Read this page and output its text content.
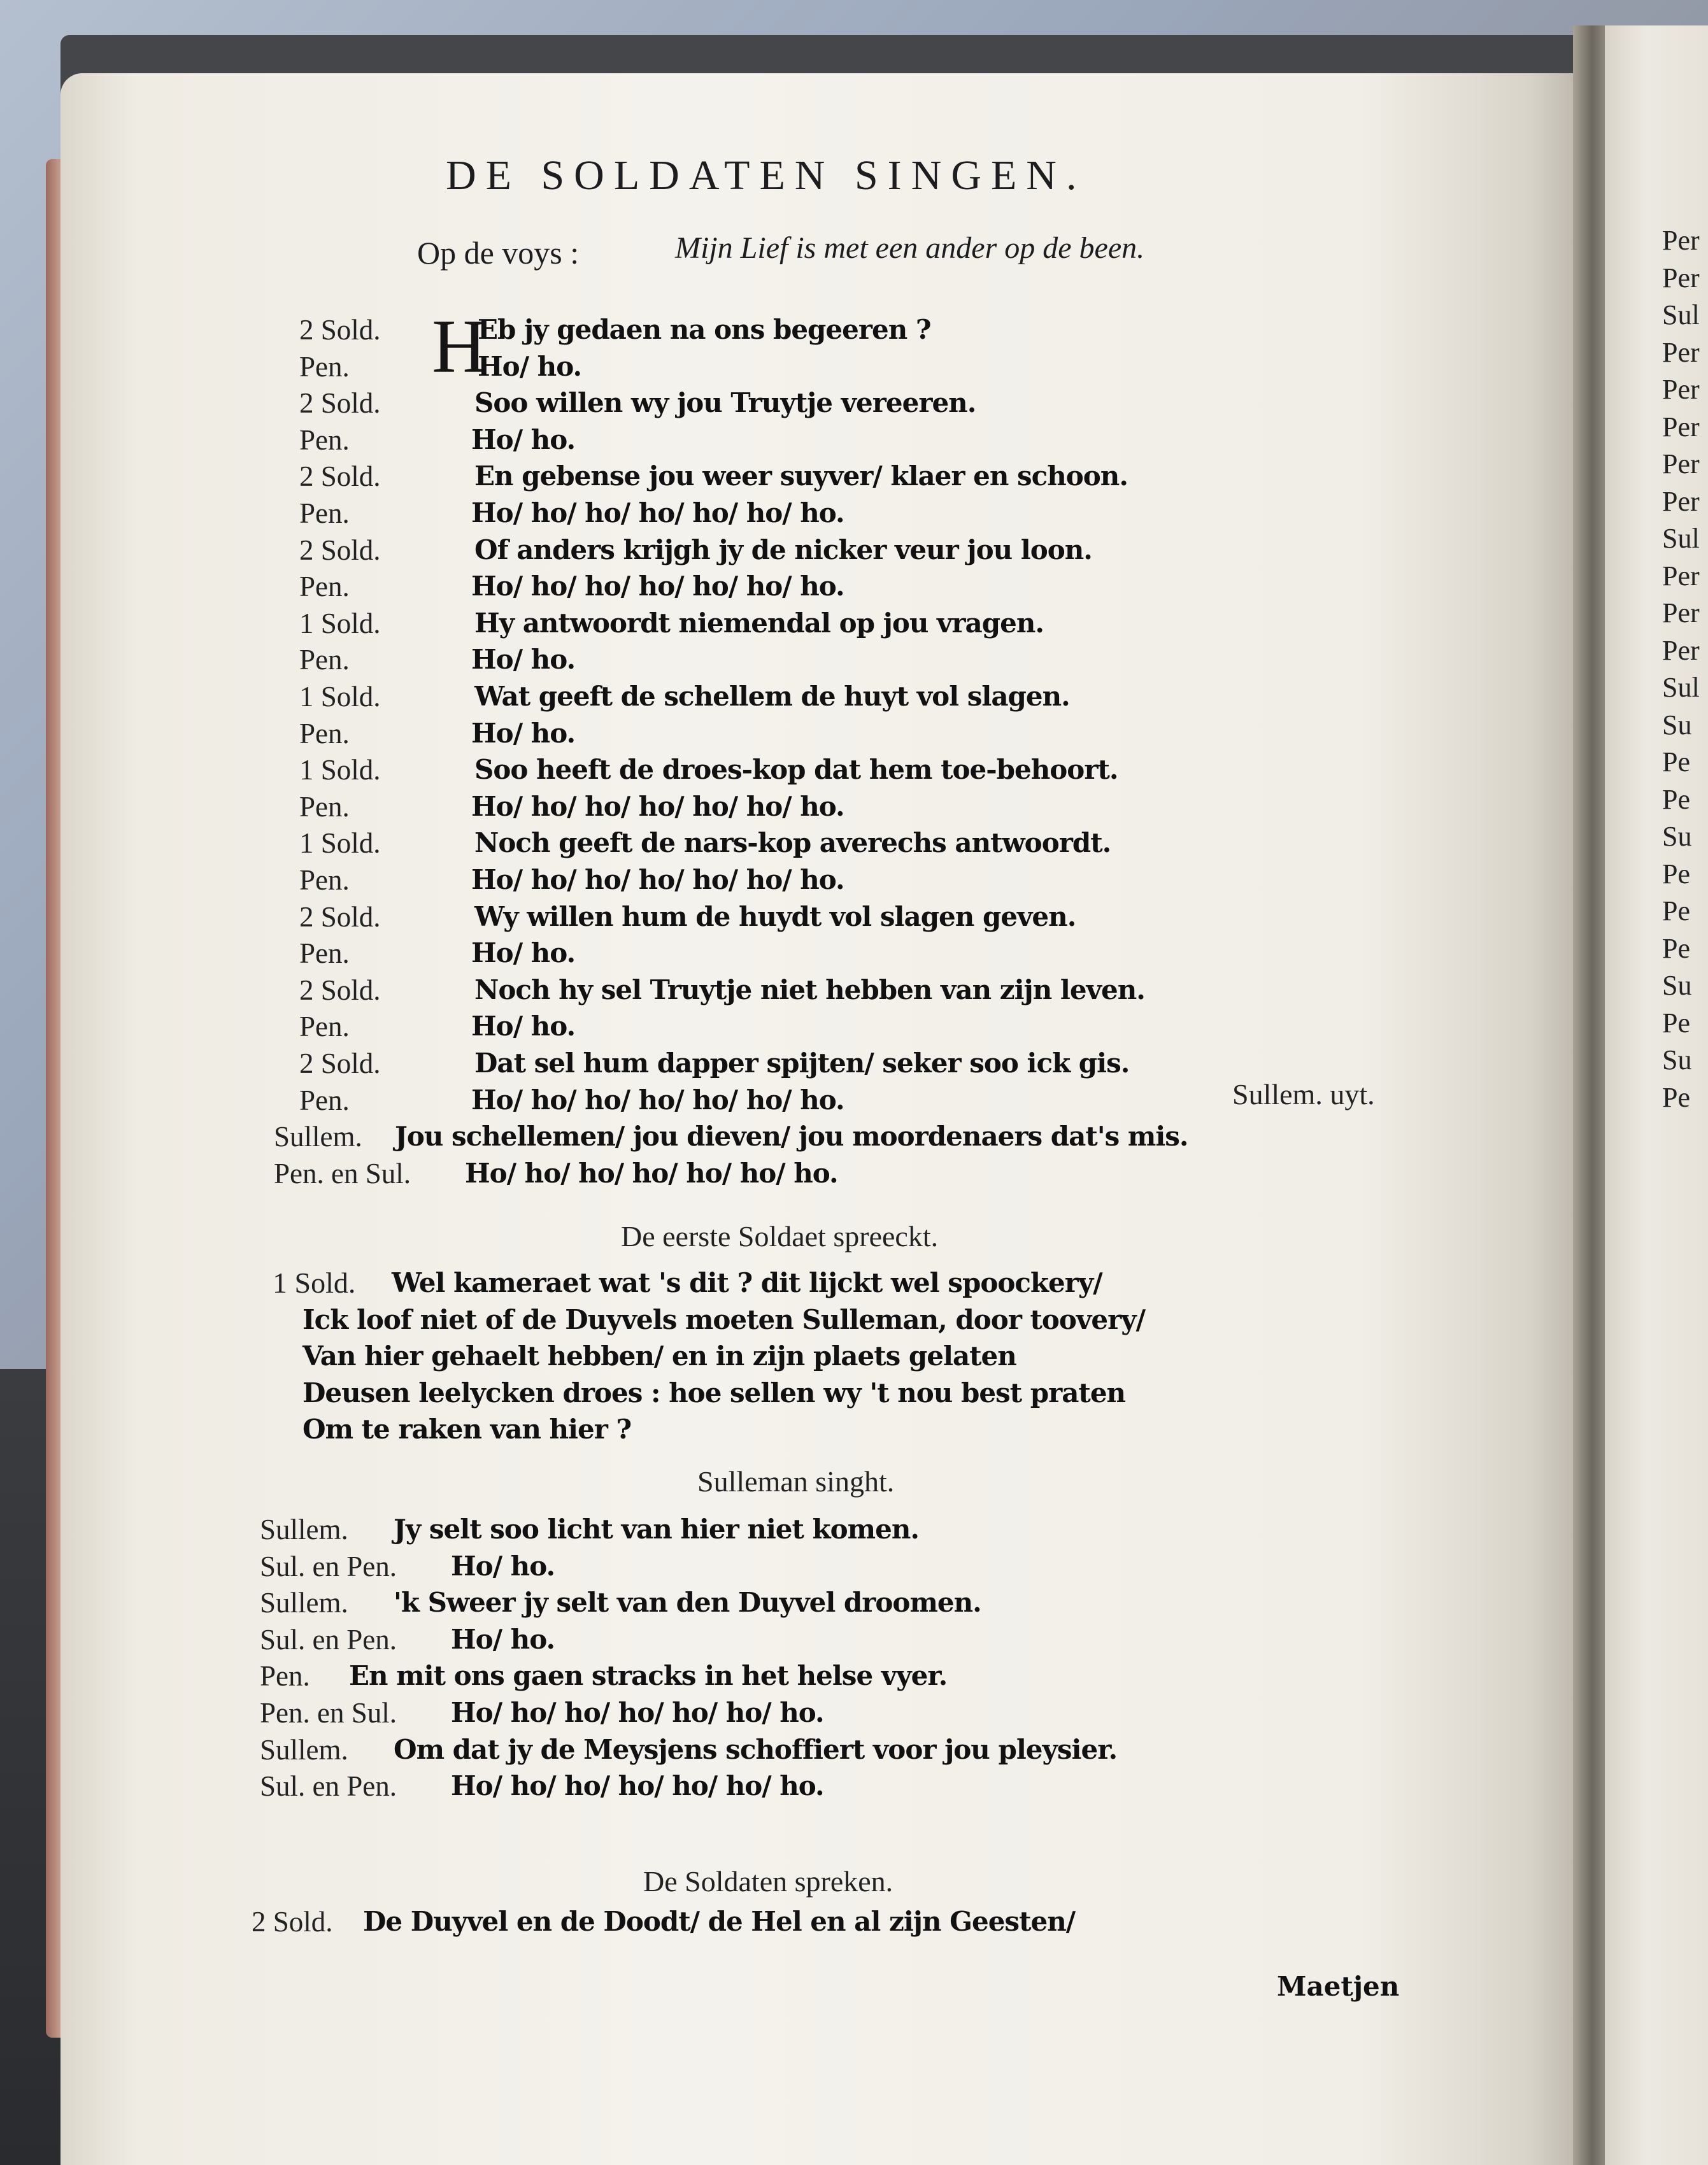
DE SOLDATEN SINGEN.
Op de voys :	Mijn Lief is met een ander op de been.
H
2 Sold.	Eb jy gedaen na ons begeeren ?
Pen.	Ho/ ho.
2 Sold.	Soo willen wy jou Truytje vereeren.
Pen.	Ho/ ho.
2 Sold.	En gebense jou weer suyver/ klaer en schoon.
Pen.	Ho/ ho/ ho/ ho/ ho/ ho/ ho.
2 Sold.	Of anders krijgh jy de nicker veur jou loon.
Pen.	Ho/ ho/ ho/ ho/ ho/ ho/ ho.
1 Sold.	Hy antwoordt niemendal op jou vragen.
Pen.	Ho/ ho.
1 Sold.	Wat geeft de schellem de huyt vol slagen.
Pen.	Ho/ ho.
1 Sold.	Soo heeft de droes-kop dat hem toe-behoort.
Pen.	Ho/ ho/ ho/ ho/ ho/ ho/ ho.
1 Sold.	Noch geeft de nars-kop averechs antwoordt.
Pen.	Ho/ ho/ ho/ ho/ ho/ ho/ ho.
2 Sold.	Wy willen hum de huydt vol slagen geven.
Pen.	Ho/ ho.
2 Sold.	Noch hy sel Truytje niet hebben van zijn leven.
Pen.	Ho/ ho.
2 Sold.	Dat sel hum dapper spijten/ seker soo ick gis.
Pen.	Ho/ ho/ ho/ ho/ ho/ ho/ ho.
Sullem. Jou schellemen/ jou dieven/ jou moordenaers dat's mis.
Pen. en Sul. Ho/ ho/ ho/ ho/ ho/ ho/ ho.
Sullem. uyt.
De eerste Soldaet spreeckt.
1 Sold. Wel kameraet wat 's dit ? dit lijckt wel spoockery/
Ick loof niet of de Duyvels moeten Sulleman, door toovery/
Van hier gehaelt hebben/ en in zijn plaets gelaten
Deusen leelycken droes : hoe sellen wy 't nou best praten
Om te raken van hier ?
Sulleman singht.
Sullem. Jy selt soo licht van hier niet komen.
Sul. en Pen. Ho/ ho.
Sullem. 'k Sweer jy selt van den Duyvel droomen.
Sul. en Pen. Ho/ ho.
Pen. En mit ons gaen stracks in het helse vyer.
Pen. en Sul. Ho/ ho/ ho/ ho/ ho/ ho/ ho.
Sullem. Om dat jy de Meysjens schoffiert voor jou pleysier.
Sul. en Pen. Ho/ ho/ ho/ ho/ ho/ ho/ ho.
De Soldaten spreken.
2 Sold. De Duyvel en de Doodt/ de Hel en al zijn Geesten/
Maetjen
Per
Per
Sul
Per
Per
Per
Per
Per
Sul
Per
Per
Per
Sul
Su
Pe
Pe
Su
Pe
Pe
Pe
Su
Pe
Su
Pe
